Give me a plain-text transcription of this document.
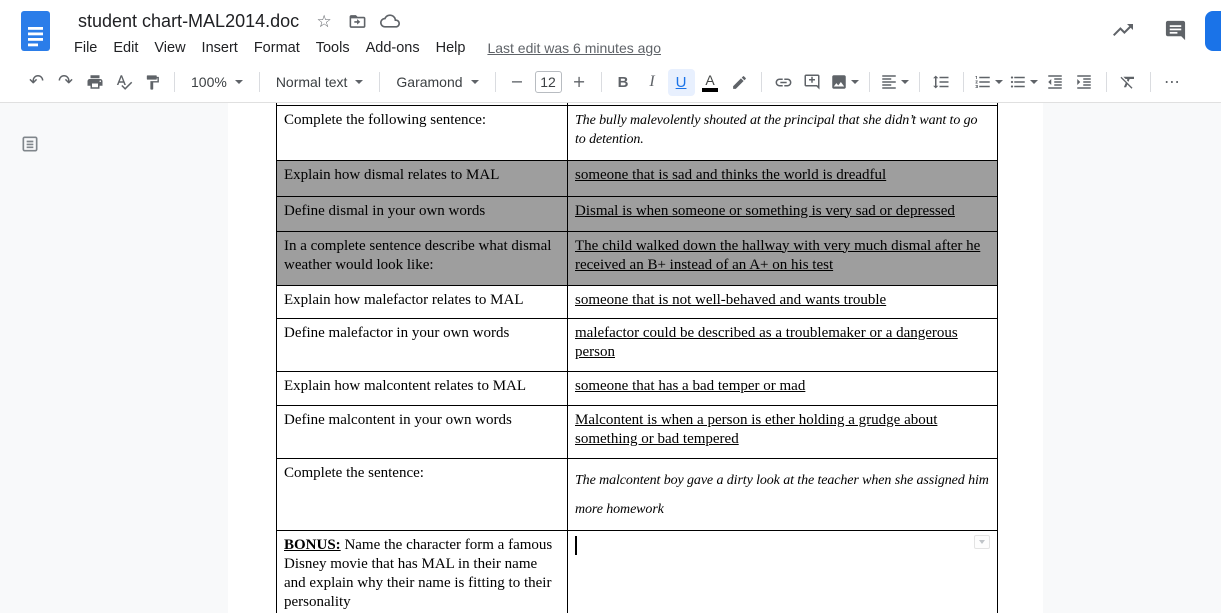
student chart-MAL2014.doc ☆
File	Edit	View	Insert	Format	Tools	Add-ons	Help	Last edit was 6 minutes ago
↶ ↷	100%	Normal text	Garamond	−	12	+ B I U A	⋯

Complete the following sentence:	The bully malevolently shouted at the principal that she didn’t want to go to detention.
Explain how dismal relates to MAL	someone that is sad and thinks the world is dreadful
Define dismal in your own words	Dismal is when someone or something is very sad or depressed
In a complete sentence describe what dismal weather would look like:	The child walked down the hallway with very much dismal after he received an B+ instead of an A+ on his test
Explain how malefactor relates to MAL	someone that is not well-behaved and wants trouble
Define malefactor in your own words	malefactor could be described as a troublemaker or a dangerous person
Explain how malcontent relates to MAL	someone that has a bad temper or mad
Define malcontent in your own words	Malcontent is when a person is ether holding a grudge about something or bad tempered
Complete the sentence:	The malcontent boy gave a dirty look at the teacher when she assigned him more homework
BONUS: Name the character form a famous Disney movie that has MAL in their name and explain why their name is fitting to their personality	
